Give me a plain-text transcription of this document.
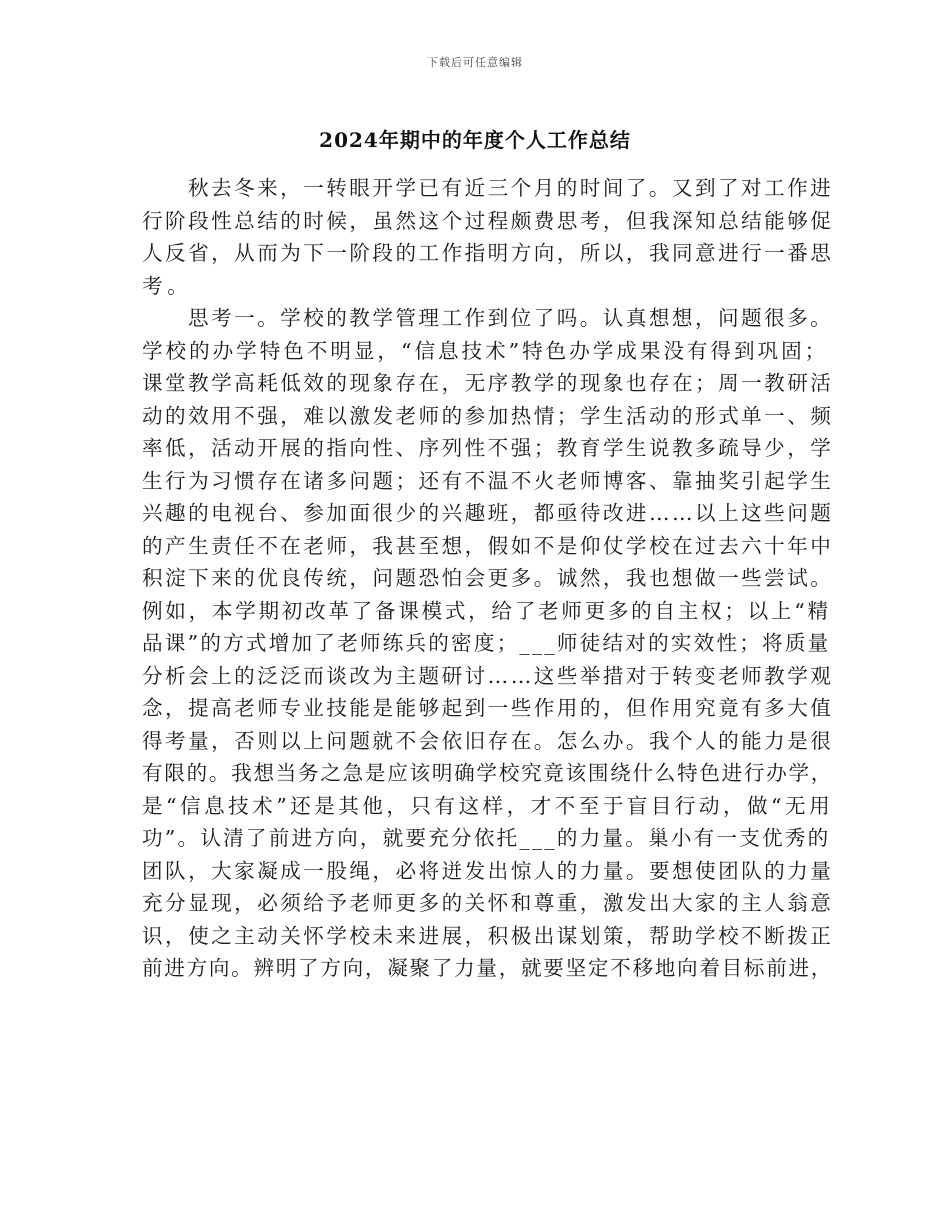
下载后可任意编辑
2024年期中的年度个人工作总结
秋去冬来，一转眼开学已有近三个月的时间了。又到了对工作进
行阶段性总结的时候，虽然这个过程颇费思考，但我深知总结能够促
人反省，从而为下一阶段的工作指明方向，所以，我同意进行一番思
考。
思考一。学校的教学管理工作到位了吗。认真想想，问题很多。
学校的办学特色不明显，“信息技术”特色办学成果没有得到巩固；
课堂教学高耗低效的现象存在，无序教学的现象也存在；周一教研活
动的效用不强，难以激发老师的参加热情；学生活动的形式单一、频
率低，活动开展的指向性、序列性不强；教育学生说教多疏导少，学
生行为习惯存在诸多问题；还有不温不火老师博客、靠抽奖引起学生
兴趣的电视台、参加面很少的兴趣班，都亟待改进……以上这些问题
的产生责任不在老师，我甚至想，假如不是仰仗学校在过去六十年中
积淀下来的优良传统，问题恐怕会更多。诚然，我也想做一些尝试。
例如，本学期初改革了备课模式，给了老师更多的自主权；以上“精
品课”的方式增加了老师练兵的密度；___师徒结对的实效性；将质量
分析会上的泛泛而谈改为主题研讨……这些举措对于转变老师教学观
念，提高老师专业技能是能够起到一些作用的，但作用究竟有多大值
得考量，否则以上问题就不会依旧存在。怎么办。我个人的能力是很
有限的。我想当务之急是应该明确学校究竟该围绕什么特色进行办学，
是“信息技术”还是其他，只有这样，才不至于盲目行动，做“无用
功”。认清了前进方向，就要充分依托___的力量。巢小有一支优秀的
团队，大家凝成一股绳，必将迸发出惊人的力量。要想使团队的力量
充分显现，必须给予老师更多的关怀和尊重，激发出大家的主人翁意
识，使之主动关怀学校未来进展，积极出谋划策，帮助学校不断拨正
前进方向。辨明了方向，凝聚了力量，就要坚定不移地向着目标前进，
